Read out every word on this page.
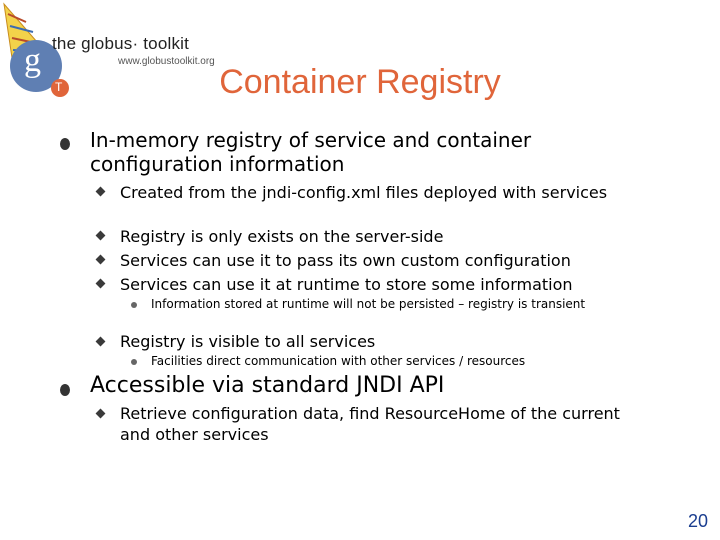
g
T
the globus· toolkit
www.globustoolkit.org
Container Registry
In-memory registry of service and container configuration information
Created from the jndi-config.xml files deployed with services
Registry is only exists on the server-side
Services can use it to pass its own custom configuration
Services can use it at runtime to store some information
Information stored at runtime will not be persisted – registry is transient
Registry is visible to all services
Facilities direct communication with other services / resources
Accessible via standard JNDI API
Retrieve configuration data, find ResourceHome of the current and other services
20
